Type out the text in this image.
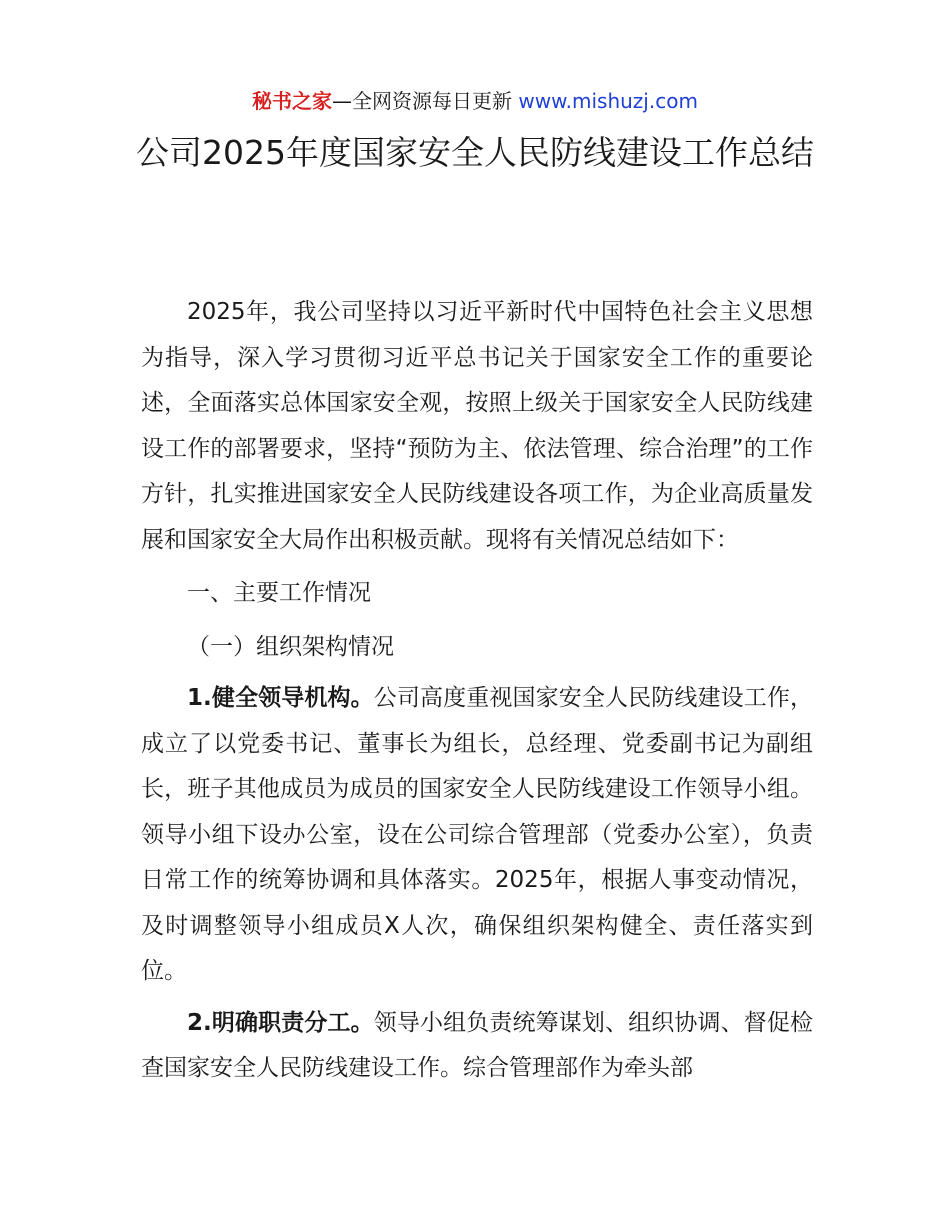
秘书之家—全网资源每日更新 www.mishuzj.com
公司2025年度国家安全人民防线建设工作总结

2025年，我公司坚持以习近平新时代中国特色社会主义思想为指导，深入学习贯彻习近平总书记关于国家安全工作的重要论述，全面落实总体国家安全观，按照上级关于国家安全人民防线建设工作的部署要求，坚持“预防为主、依法管理、综合治理”的工作方针，扎实推进国家安全人民防线建设各项工作，为企业高质量发展和国家安全大局作出积极贡献。现将有关情况总结如下：

一、主要工作情况

（一）组织架构情况

1.健全领导机构。公司高度重视国家安全人民防线建设工作，成立了以党委书记、董事长为组长，总经理、党委副书记为副组长，班子其他成员为成员的国家安全人民防线建设工作领导小组。领导小组下设办公室，设在公司综合管理部（党委办公室），负责日常工作的统筹协调和具体落实。2025年，根据人事变动情况，及时调整领导小组成员X人次，确保组织架构健全、责任落实到位。

2.明确职责分工。领导小组负责统筹谋划、组织协调、督促检查国家安全人民防线建设工作。综合管理部作为牵头部
